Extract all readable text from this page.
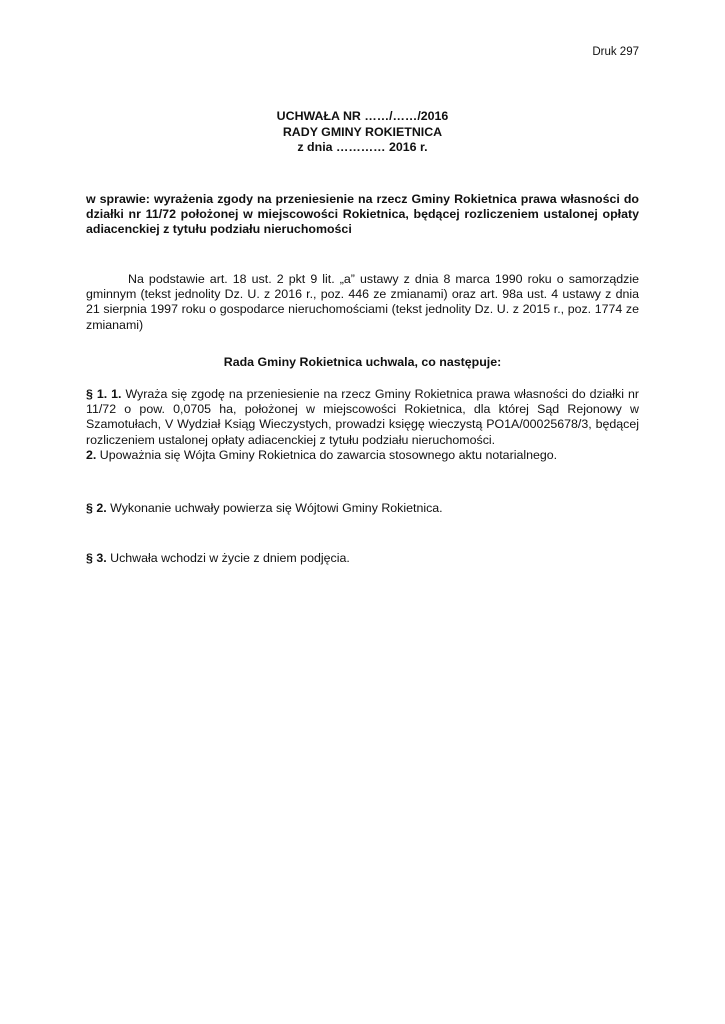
Druk 297
UCHWAŁA NR ……/……/2016
RADY GMINY ROKIETNICA
z dnia ………… 2016 r.
w sprawie: wyrażenia zgody na przeniesienie na rzecz Gminy Rokietnica prawa własności do działki nr 11/72 położonej w miejscowości Rokietnica, będącej rozliczeniem ustalonej opłaty adiacenckiej z tytułu podziału nieruchomości
Na podstawie art. 18 ust. 2 pkt 9 lit. „a” ustawy z dnia 8 marca 1990 roku o samorządzie gminnym (tekst jednolity Dz. U. z 2016 r., poz. 446 ze zmianami) oraz art. 98a ust. 4 ustawy z dnia 21 sierpnia 1997 roku o gospodarce nieruchomościami (tekst jednolity Dz. U. z 2015 r., poz. 1774 ze zmianami)
Rada Gminy Rokietnica uchwala, co następuje:

§ 1. 1. Wyraża się zgodę na przeniesienie na rzecz Gminy Rokietnica prawa własności do działki nr 11/72 o pow. 0,0705 ha, położonej w miejscowości Rokietnica, dla której Sąd Rejonowy w Szamotułach, V Wydział Ksiąg Wieczystych, prowadzi księgę wieczystą PO1A/00025678/3, będącej rozliczeniem ustalonej opłaty adiacenckiej z tytułu podziału nieruchomości.

2. Upoważnia się Wójta Gminy Rokietnica do zawarcia stosownego aktu notarialnego.

§ 2. Wykonanie uchwały powierza się Wójtowi Gminy Rokietnica.
§ 3. Uchwała wchodzi w życie z dniem podjęcia.
